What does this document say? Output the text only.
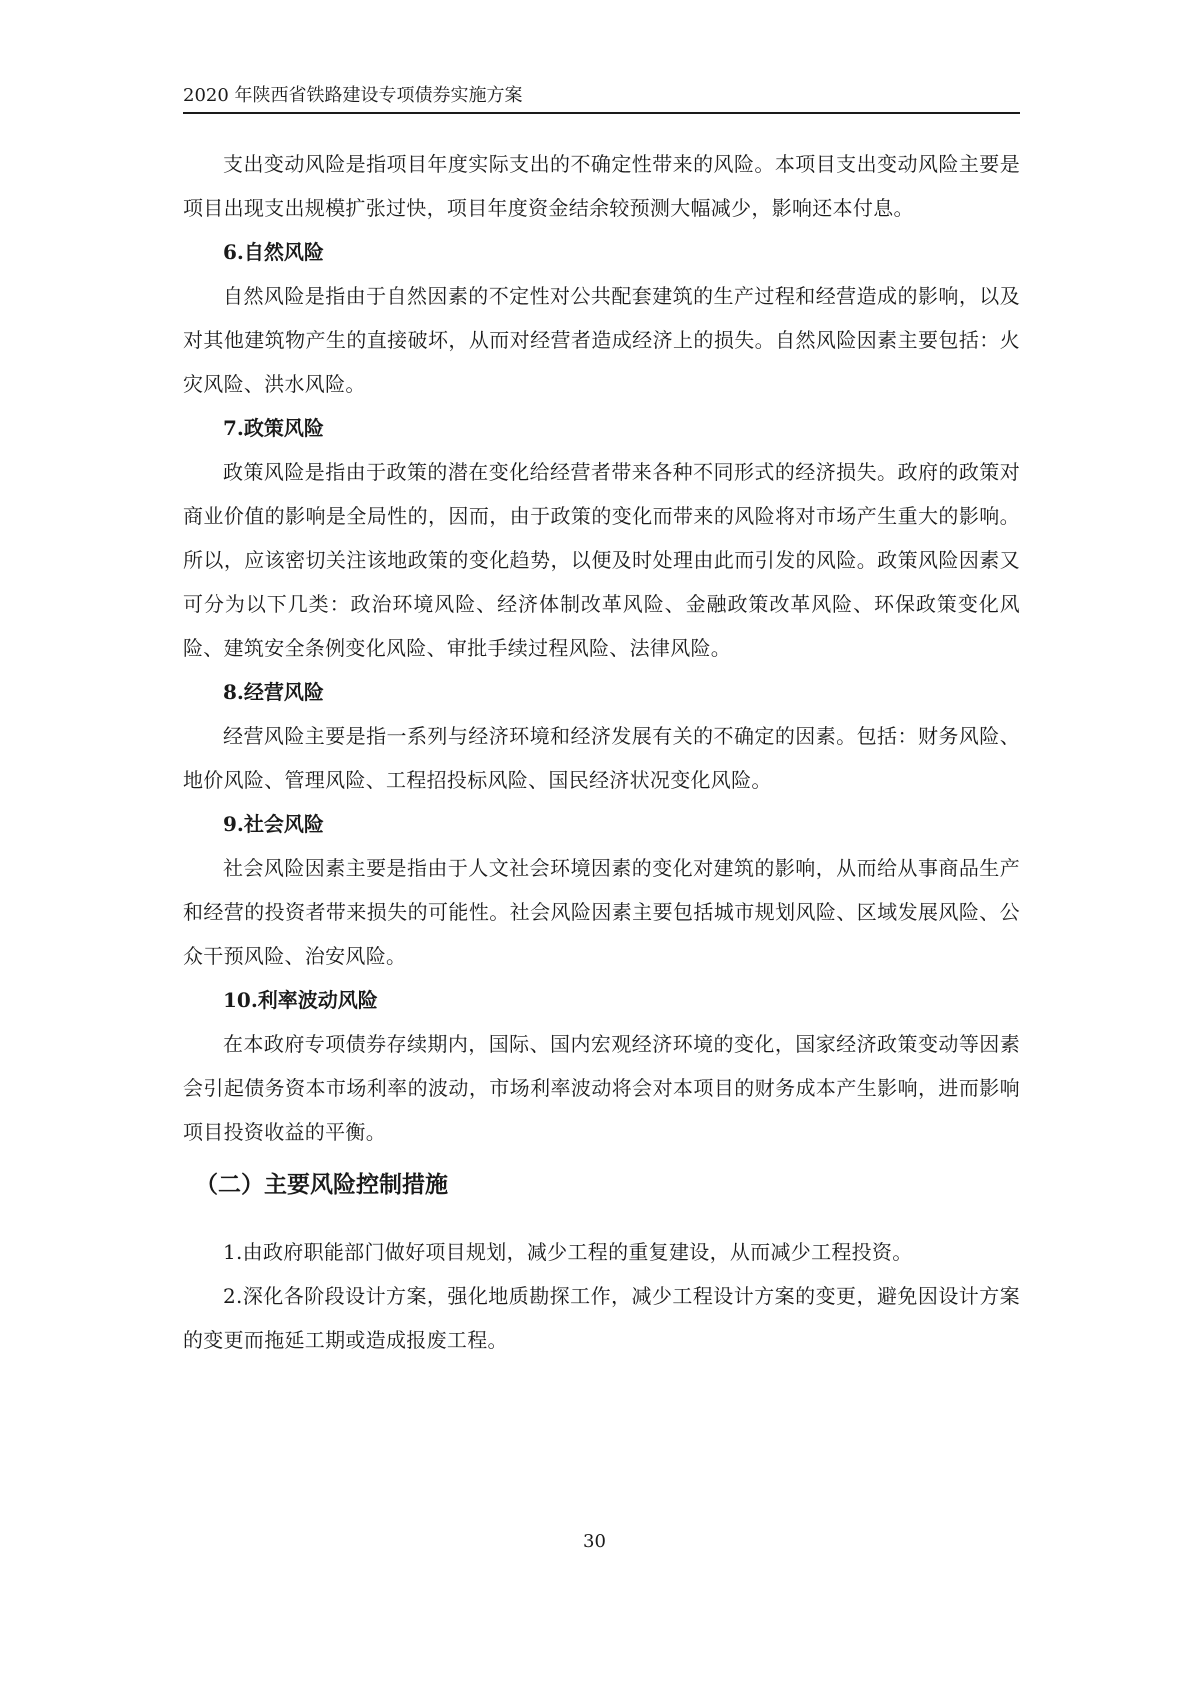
2020 年陕西省铁路建设专项债券实施方案

支出变动风险是指项目年度实际支出的不确定性带来的风险。本项目支出变动风险主要是项目出现支出规模扩张过快，项目年度资金结余较预测大幅减少，影响还本付息。

6.自然风险

自然风险是指由于自然因素的不定性对公共配套建筑的生产过程和经营造成的影响，以及对其他建筑物产生的直接破坏，从而对经营者造成经济上的损失。自然风险因素主要包括：火灾风险、洪水风险。

7.政策风险

政策风险是指由于政策的潜在变化给经营者带来各种不同形式的经济损失。政府的政策对商业价值的影响是全局性的，因而，由于政策的变化而带来的风险将对市场产生重大的影响。所以，应该密切关注该地政策的变化趋势，以便及时处理由此而引发的风险。政策风险因素又可分为以下几类：政治环境风险、经济体制改革风险、金融政策改革风险、环保政策变化风险、建筑安全条例变化风险、审批手续过程风险、法律风险。

8.经营风险

经营风险主要是指一系列与经济环境和经济发展有关的不确定的因素。包括：财务风险、地价风险、管理风险、工程招投标风险、国民经济状况变化风险。

9.社会风险

社会风险因素主要是指由于人文社会环境因素的变化对建筑的影响，从而给从事商品生产和经营的投资者带来损失的可能性。社会风险因素主要包括城市规划风险、区域发展风险、公众干预风险、治安风险。

10.利率波动风险

在本政府专项债券存续期内，国际、国内宏观经济环境的变化，国家经济政策变动等因素会引起债务资本市场利率的波动，市场利率波动将会对本项目的财务成本产生影响，进而影响项目投资收益的平衡。

（二）主要风险控制措施

1.由政府职能部门做好项目规划，减少工程的重复建设，从而减少工程投资。

2.深化各阶段设计方案，强化地质勘探工作，减少工程设计方案的变更，避免因设计方案的变更而拖延工期或造成报废工程。

30
